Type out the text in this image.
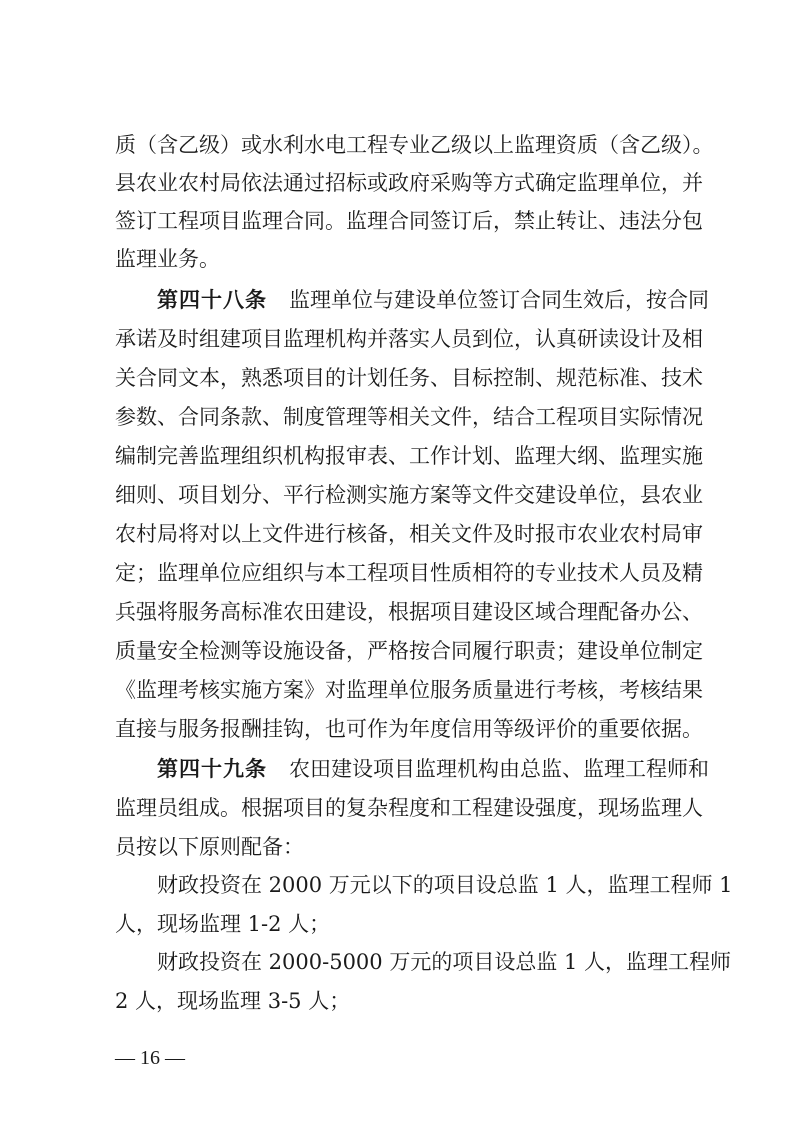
质（含乙级）或水利水电工程专业乙级以上监理资质（含乙级）。
县农业农村局依法通过招标或政府采购等方式确定监理单位，并
签订工程项目监理合同。监理合同签订后，禁止转让、违法分包
监理业务。
第四十八条 监理单位与建设单位签订合同生效后，按合同
承诺及时组建项目监理机构并落实人员到位，认真研读设计及相
关合同文本，熟悉项目的计划任务、目标控制、规范标准、技术
参数、合同条款、制度管理等相关文件，结合工程项目实际情况
编制完善监理组织机构报审表、工作计划、监理大纲、监理实施
细则、项目划分、平行检测实施方案等文件交建设单位，县农业
农村局将对以上文件进行核备，相关文件及时报市农业农村局审
定；监理单位应组织与本工程项目性质相符的专业技术人员及精
兵强将服务高标准农田建设，根据项目建设区域合理配备办公、
质量安全检测等设施设备，严格按合同履行职责；建设单位制定
《监理考核实施方案》对监理单位服务质量进行考核，考核结果
直接与服务报酬挂钩，也可作为年度信用等级评价的重要依据。
第四十九条 农田建设项目监理机构由总监、监理工程师和
监理员组成。根据项目的复杂程度和工程建设强度，现场监理人
员按以下原则配备：
财政投资在 2000 万元以下的项目设总监 1 人，监理工程师 1
人，现场监理 1-2 人；
财政投资在 2000-5000 万元的项目设总监 1 人，监理工程师
2 人，现场监理 3-5 人；
— 16 —
